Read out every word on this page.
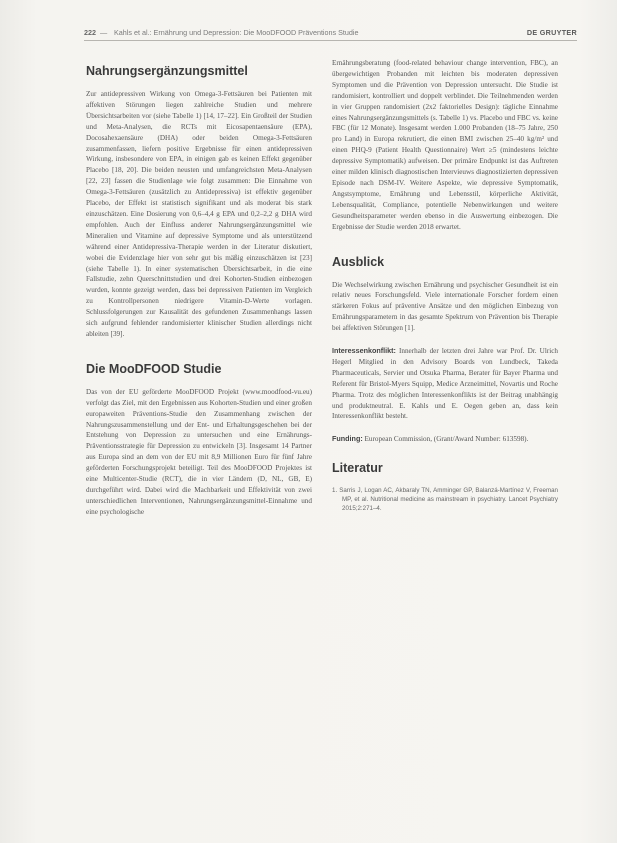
222 — Kahls et al.: Ernährung und Depression: Die MooDFOOD Präventions Studie	DE GRUYTER
Nahrungsergänzungsmittel

Zur antidepressiven Wirkung von Omega-3-Fettsäuren bei Patienten mit affektiven Störungen liegen zahlreiche Studien und mehrere Übersichtsarbeiten vor (siehe Tabelle 1) [14, 17–22]. Ein Großteil der Studien und Meta-Analysen, die RCTs mit Eicosapentaensäure (EPA), Docosahexaensäure (DHA) oder beiden Omega-3-Fettsäuren zusammenfassen, liefern positive Ergebnisse für einen antidepressiven Wirkung, insbesondere von EPA, in einigen gab es keinen Effekt gegenüber Placebo [18, 20]. Die beiden neusten und umfangreichsten Meta-Analysen [22, 23] fassen die Studienlage wie folgt zusammen: Die Einnahme von Omega-3-Fettsäuren (zusätzlich zu Antidepressiva) ist effektiv gegenüber Placebo, der Effekt ist statistisch signifikant und als moderat bis stark einzuschätzen. Eine Dosierung von 0,6–4,4 g EPA und 0,2–2,2 g DHA wird empfohlen. Auch der Einfluss anderer Nahrungsergänzungsmittel wie Mineralien und Vitamine auf depressive Symptome und als unterstützend während einer Antidepressiva-Therapie werden in der Literatur diskutiert, wobei die Evidenzlage hier von sehr gut bis mäßig einzuschätzen ist [23] (siehe Tabelle 1). In einer systematischen Übersichtsarbeit, in die eine Fallstudie, zehn Querschnittstudien und drei Kohorten-Studien einbezogen wurden, konnte gezeigt werden, dass bei depressiven Patienten im Vergleich zu Kontrollpersonen niedrigere Vitamin-D-Werte vorlagen. Schlussfolgerungen zur Kausalität des gefundenen Zusammenhangs lassen sich aufgrund fehlender randomisierter klinischer Studien allerdings nicht ableiten [39].

Die MooDFOOD Studie

Das von der EU geförderte MooDFOOD Projekt (www.moodfood-vu.eu) verfolgt das Ziel, mit den Ergebnissen aus Kohorten-Studien und einer großen europaweiten Präventions-Studie den Zusammenhang zwischen der Nahrungszusammenstellung und der Ent- und Erhaltungsgeschehen bei der Entstehung von Depression zu untersuchen und eine Ernährungs-Präventionsstrategie für Depression zu entwickeln [3]. Insgesamt 14 Partner aus Europa sind an dem von der EU mit 8,9 Millionen Euro für fünf Jahre geförderten Forschungsprojekt beteiligt. Teil des MooDFOOD Projektes ist eine Multicenter-Studie (RCT), die in vier Ländern (D, NL, GB, E) durchgeführt wird. Dabei wird die Machbarkeit und Effektivität von zwei unterschiedlichen Interventionen, Nahrungsergänzungsmittel-Einnahme und eine psychologische

Ernährungsberatung (food-related behaviour change intervention, FBC), an übergewichtigen Probanden mit leichten bis moderaten depressiven Symptomen und die Prävention von Depression untersucht. Die Studie ist randomisiert, kontrolliert und doppelt verblindet. Die Teilnehmenden werden in vier Gruppen randomisiert (2x2 faktorielles Design): tägliche Einnahme eines Nahrungsergänzungsmittels (s. Tabelle 1) vs. Placebo und FBC vs. keine FBC (für 12 Monate). Insgesamt werden 1.000 Probanden (18–75 Jahre, 250 pro Land) in Europa rekrutiert, die einen BMI zwischen 25–40 kg/m² und einen PHQ-9 (Patient Health Questionnaire) Wert ≥5 (mindestens leichte depressive Symptomatik) aufweisen. Der primäre Endpunkt ist das Auftreten einer milden klinisch diagnostischen Intervieuws diagnostizierten depressiven Episode nach DSM-IV. Weitere Aspekte, wie depressive Symptomatik, Angstsymptome, Ernährung und Lebensstil, körperliche Aktivität, Lebensqualität, Compliance, potentielle Nebenwirkungen und weitere Gesundheitsparameter werden ebenso in die Auswertung einbezogen. Die Ergebnisse der Studie werden 2018 erwartet.

Ausblick

Die Wechselwirkung zwischen Ernährung und psychischer Gesundheit ist ein relativ neues Forschungsfeld. Viele internationale Forscher fordern einen stärkeren Fokus auf präventive Ansätze und den möglichen Einbezug von Ernährungsparametern in das gesamte Spektrum von Prävention bis Therapie bei affektiven Störungen [1].

Interessenkonflikt: Innerhalb der letzten drei Jahre war Prof. Dr. Ulrich Hegerl Mitglied in den Advisory Boards von Lundbeck, Takeda Pharmaceuticals, Servier und Otsuka Pharma, Berater für Bayer Pharma und Referent für Bristol-Myers Squipp, Medice Arzneimittel, Novartis und Roche Pharma. Trotz des möglichen Interessenkonflikts ist der Beitrag unabhängig und produktneutral. E. Kahls und E. Oegen geben an, dass kein Interessenkonflikt besteht.

Funding: European Commission, (Grant/Award Number: 613598).

Literatur

1. Sarris J, Logan AC, Akbaraly TN, Amminger GP, Balanzá-Martínez V, Freeman MP, et al. Nutritional medicine as mainstream in psychiatry. Lancet Psychiatry 2015;2:271–4.
